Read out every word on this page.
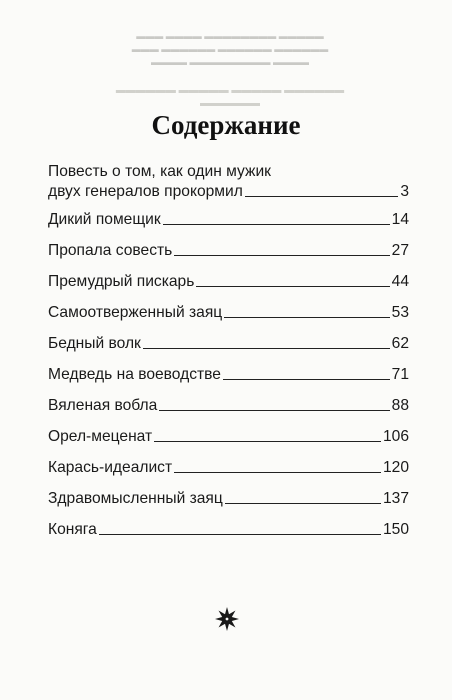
▬▬▬ ▬▬▬▬ ▬▬▬▬▬▬▬▬ ▬▬▬▬▬
▬▬▬ ▬▬▬▬▬▬ ▬▬▬▬▬▬ ▬▬▬▬▬▬
▬▬▬▬ ▬▬▬▬▬▬▬▬▬ ▬▬▬▬
▬▬▬▬▬▬ ▬▬▬▬▬ ▬▬▬▬▬ ▬▬▬▬▬▬
▬▬▬▬▬▬
Содержание
Повесть о том, как один мужик
двух генералов прокормил	3
Дикий помещик	14
Пропала совесть	27
Премудрый пискарь	44
Самоотверженный заяц	53
Бедный волк	62
Медведь на воеводстве	71
Вяленая вобла	88
Орел-меценат	106
Карась-идеалист	120
Здравомысленный заяц	137
Коняга	150
